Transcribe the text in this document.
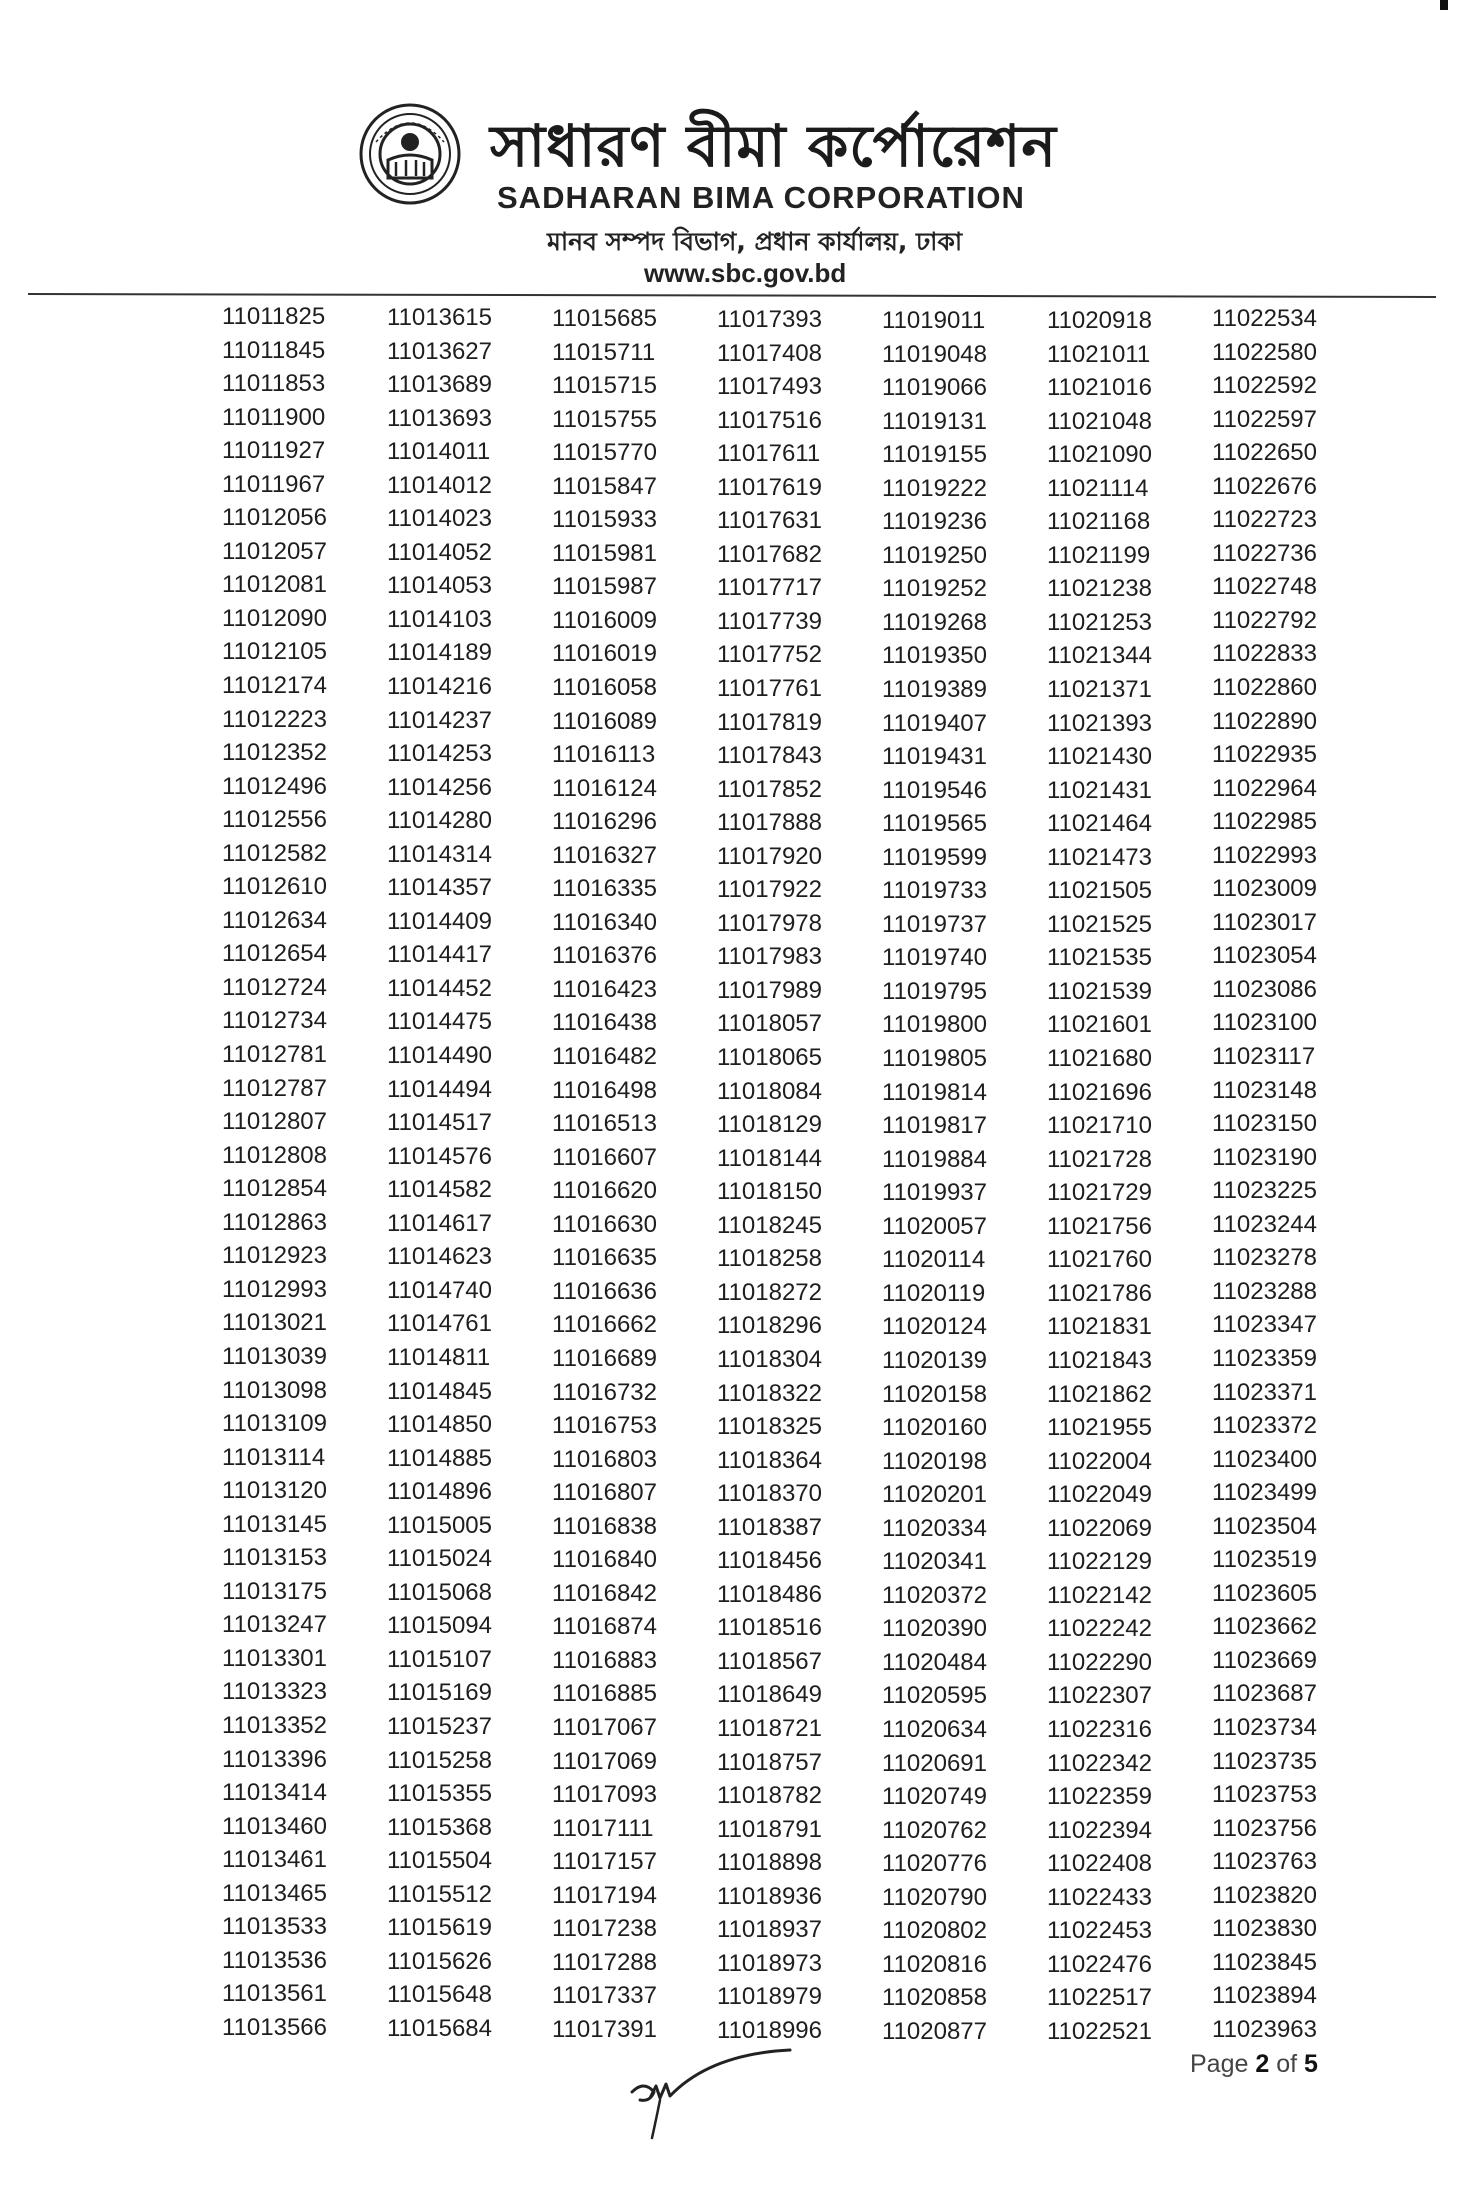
সাধারণ বীমা কর্পোরেশন
SADHARAN BIMA CORPORATION
মানব সম্পদ বিভাগ, প্রধান কার্যালয়, ঢাকা
www.sbc.gov.bd
11011825
11011845
11011853
11011900
11011927
11011967
11012056
11012057
11012081
11012090
11012105
11012174
11012223
11012352
11012496
11012556
11012582
11012610
11012634
11012654
11012724
11012734
11012781
11012787
11012807
11012808
11012854
11012863
11012923
11012993
11013021
11013039
11013098
11013109
11013114
11013120
11013145
11013153
11013175
11013247
11013301
11013323
11013352
11013396
11013414
11013460
11013461
11013465
11013533
11013536
11013561
11013566
11013615
11013627
11013689
11013693
11014011
11014012
11014023
11014052
11014053
11014103
11014189
11014216
11014237
11014253
11014256
11014280
11014314
11014357
11014409
11014417
11014452
11014475
11014490
11014494
11014517
11014576
11014582
11014617
11014623
11014740
11014761
11014811
11014845
11014850
11014885
11014896
11015005
11015024
11015068
11015094
11015107
11015169
11015237
11015258
11015355
11015368
11015504
11015512
11015619
11015626
11015648
11015684
11015685
11015711
11015715
11015755
11015770
11015847
11015933
11015981
11015987
11016009
11016019
11016058
11016089
11016113
11016124
11016296
11016327
11016335
11016340
11016376
11016423
11016438
11016482
11016498
11016513
11016607
11016620
11016630
11016635
11016636
11016662
11016689
11016732
11016753
11016803
11016807
11016838
11016840
11016842
11016874
11016883
11016885
11017067
11017069
11017093
11017111
11017157
11017194
11017238
11017288
11017337
11017391
11017393
11017408
11017493
11017516
11017611
11017619
11017631
11017682
11017717
11017739
11017752
11017761
11017819
11017843
11017852
11017888
11017920
11017922
11017978
11017983
11017989
11018057
11018065
11018084
11018129
11018144
11018150
11018245
11018258
11018272
11018296
11018304
11018322
11018325
11018364
11018370
11018387
11018456
11018486
11018516
11018567
11018649
11018721
11018757
11018782
11018791
11018898
11018936
11018937
11018973
11018979
11018996
11019011
11019048
11019066
11019131
11019155
11019222
11019236
11019250
11019252
11019268
11019350
11019389
11019407
11019431
11019546
11019565
11019599
11019733
11019737
11019740
11019795
11019800
11019805
11019814
11019817
11019884
11019937
11020057
11020114
11020119
11020124
11020139
11020158
11020160
11020198
11020201
11020334
11020341
11020372
11020390
11020484
11020595
11020634
11020691
11020749
11020762
11020776
11020790
11020802
11020816
11020858
11020877
11020918
11021011
11021016
11021048
11021090
11021114
11021168
11021199
11021238
11021253
11021344
11021371
11021393
11021430
11021431
11021464
11021473
11021505
11021525
11021535
11021539
11021601
11021680
11021696
11021710
11021728
11021729
11021756
11021760
11021786
11021831
11021843
11021862
11021955
11022004
11022049
11022069
11022129
11022142
11022242
11022290
11022307
11022316
11022342
11022359
11022394
11022408
11022433
11022453
11022476
11022517
11022521
11022534
11022580
11022592
11022597
11022650
11022676
11022723
11022736
11022748
11022792
11022833
11022860
11022890
11022935
11022964
11022985
11022993
11023009
11023017
11023054
11023086
11023100
11023117
11023148
11023150
11023190
11023225
11023244
11023278
11023288
11023347
11023359
11023371
11023372
11023400
11023499
11023504
11023519
11023605
11023662
11023669
11023687
11023734
11023735
11023753
11023756
11023763
11023820
11023830
11023845
11023894
11023963
Page 2 of 5
